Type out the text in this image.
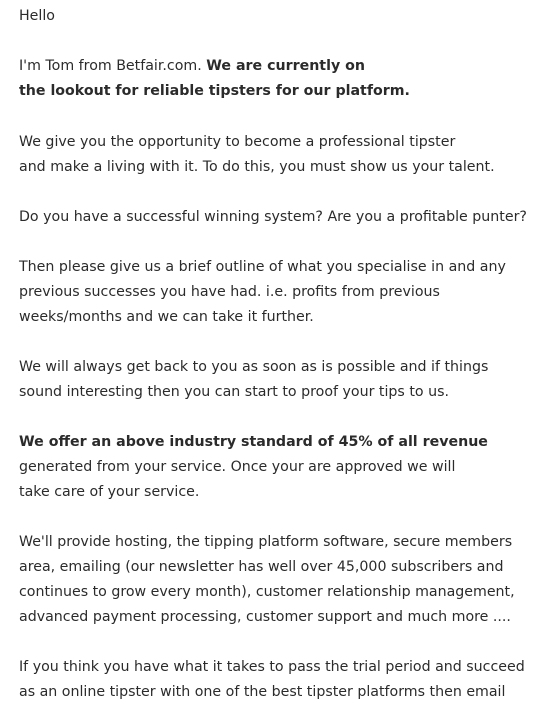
Hello

I'm Tom from Betfair.com. We are currently on
the lookout for reliable tipsters for our platform.

We give you the opportunity to become a professional tipster
and make a living with it. To do this, you must show us your talent.

Do you have a successful winning system? Are you a profitable punter?

Then please give us a brief outline of what you specialise in and any
previous successes you have had. i.e. profits from previous
weeks/months and we can take it further.

We will always get back to you as soon as is possible and if things
sound interesting then you can start to proof your tips to us.

We offer an above industry standard of 45% of all revenue
generated from your service. Once your are approved we will
take care of your service.

We'll provide hosting, the tipping platform software, secure members
area, emailing (our newsletter has well over 45,000 subscribers and
continues to grow every month), customer relationship management,
advanced payment processing, customer support and much more ....

If you think you have what it takes to pass the trial period and succeed
as an online tipster with one of the best tipster platforms then email
